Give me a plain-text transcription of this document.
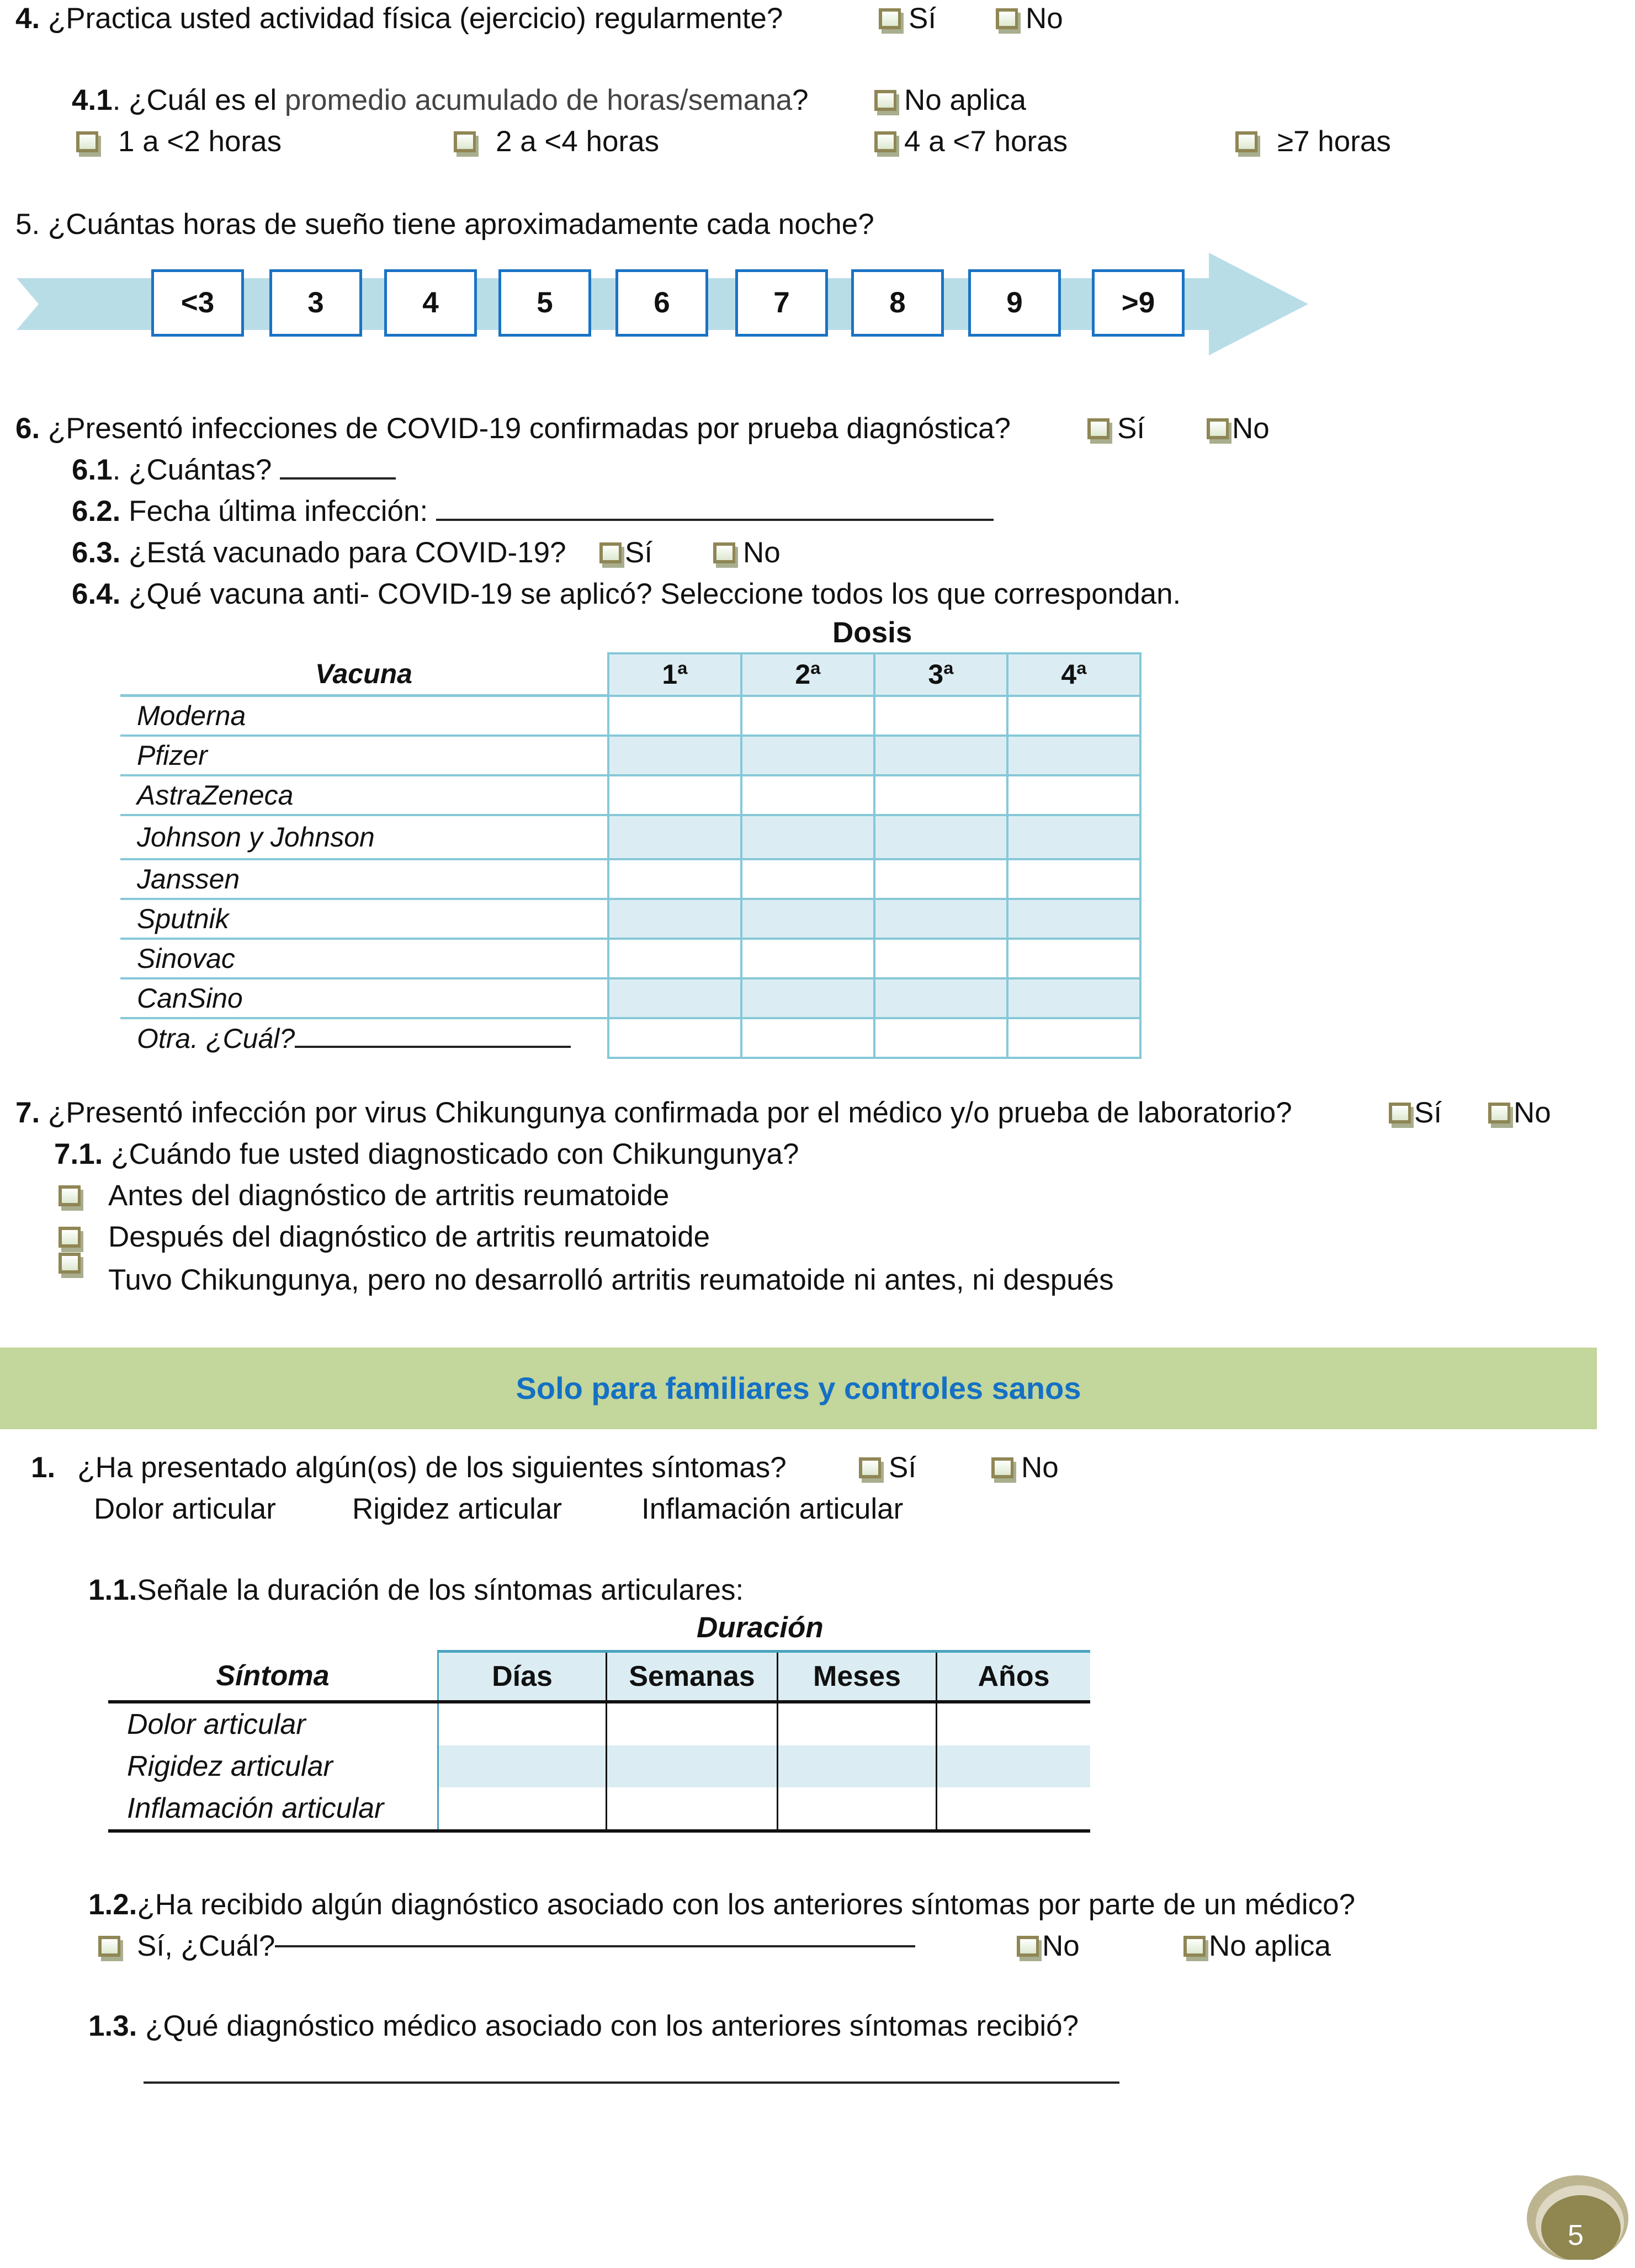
4. ¿Practica usted actividad física (ejercicio) regularmente?	Sí	No
4.1. ¿Cuál es el promedio acumulado de horas/semana?	No aplica
1 a <2 horas	2 a <4 horas	4 a <7 horas	≥7 horas
5. ¿Cuántas horas de sueño tiene aproximadamente cada noche?
<3	3	4	5	6	7	8	9	>9
6. ¿Presentó infecciones de COVID-19 confirmadas por prueba diagnóstica?	Sí	No
6.1. ¿Cuántas?
6.2. Fecha última infección:
6.3. ¿Está vacunado para COVID-19? Sí	No
6.4. ¿Qué vacuna anti- COVID-19 se aplicó? Seleccione todos los que correspondan.
Dosis
Vacuna	1ª	2ª	3ª	4ª
Moderna				
Pfizer				
AstraZeneca				
Johnson y Johnson				
Janssen				
Sputnik				
Sinovac				
CanSino				
Otra. ¿Cuál?				
7. ¿Presentó infección por virus Chikungunya confirmada por el médico y/o prueba de laboratorio?	Sí No
7.1. ¿Cuándo fue usted diagnosticado con Chikungunya?
Antes del diagnóstico de artritis reumatoide
Después del diagnóstico de artritis reumatoide
Tuvo Chikungunya, pero no desarrolló artritis reumatoide ni antes, ni después
Solo para familiares y controles sanos
1. ¿Ha presentado algún(os) de los siguientes síntomas?	Sí	No
Dolor articular	Rigidez articular	Inflamación articular
1.1.Señale la duración de los síntomas articulares:
Duración
Síntoma	Días	Semanas	Meses	Años
Dolor articular				
Rigidez articular				
Inflamación articular				
1.2.¿Ha recibido algún diagnóstico asociado con los anteriores síntomas por parte de un médico?
Sí, ¿Cuál?	No	No aplica
1.3. ¿Qué diagnóstico médico asociado con los anteriores síntomas recibió?
5
